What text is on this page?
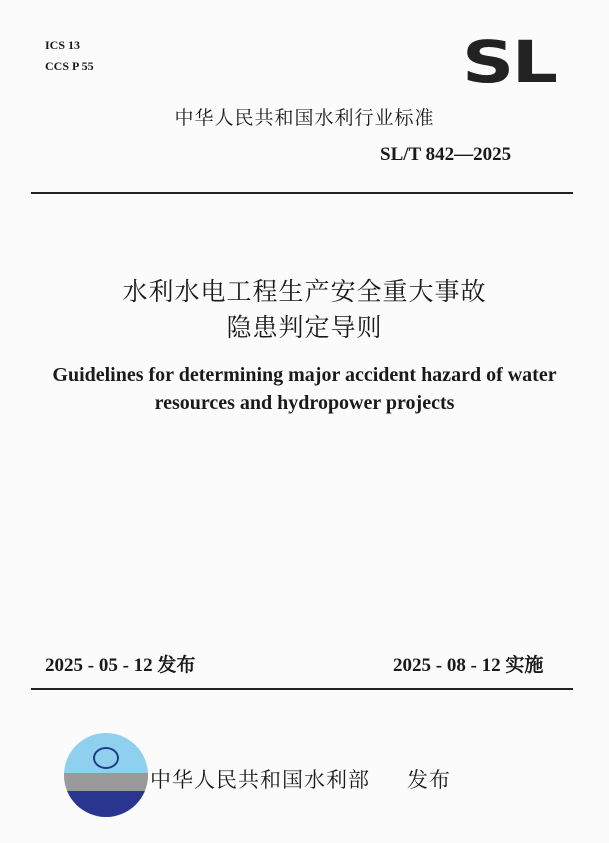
ICS 13
CCS P 55	SL
中华人民共和国水利行业标准
SL/T 842—2025
水利水电工程生产安全重大事故
隐患判定导则
Guidelines for determining major accident hazard of water
resources and hydropower projects
2025 - 05 - 12 发布	2025 - 08 - 12 实施
中华人民共和国水利部 发布
